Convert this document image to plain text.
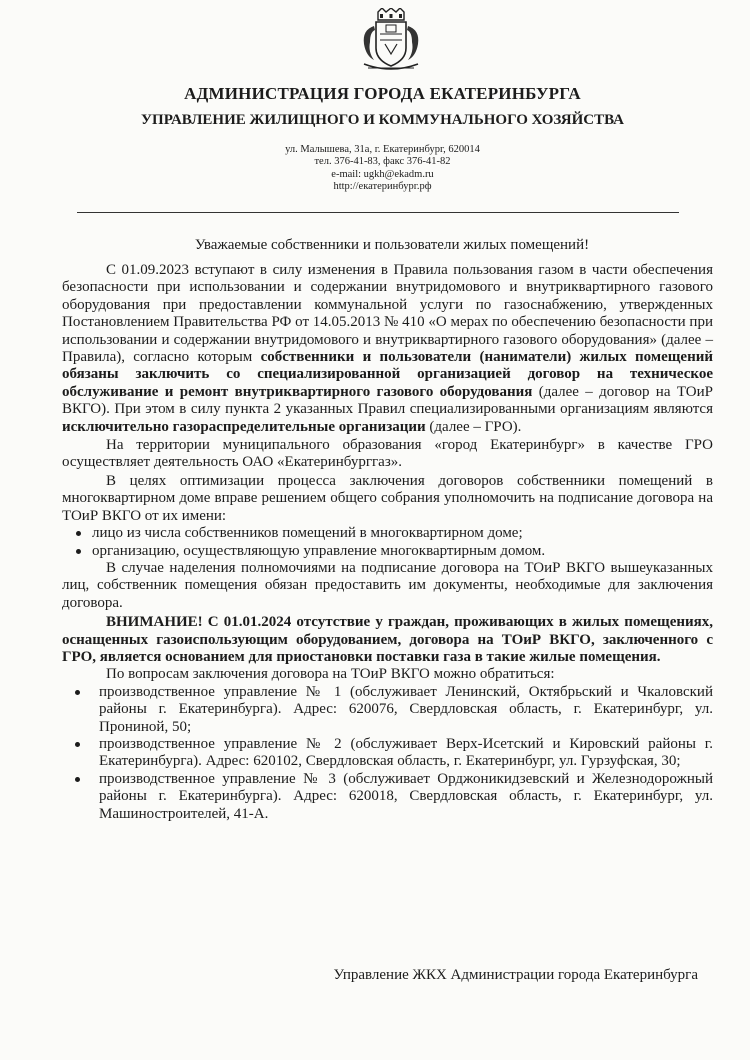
АДМИНИСТРАЦИЯ ГОРОДА ЕКАТЕРИНБУРГА
УПРАВЛЕНИЕ ЖИЛИЩНОГО И КОММУНАЛЬНОГО ХОЗЯЙСТВА
ул. Малышева, 31а, г. Екатеринбург, 620014
тел. 376-41-83, факс 376-41-82
e-mail: ugkh@ekadm.ru
http://екатеринбург.рф
Уважаемые собственники и пользователи жилых помещений!

С 01.09.2023 вступают в силу изменения в Правила пользования газом в части обеспечения безопасности при использовании и содержании внутридомового и внутриквартирного газового оборудования при предоставлении коммунальной услуги по газоснабжению, утвержденных Постановлением Правительства РФ от 14.05.2013 № 410 «О мерах по обеспечению безопасности при использовании и содержании внутридомового и внутриквартирного газового оборудования» (далее – Правила), согласно которым собственники и пользователи (наниматели) жилых помещений обязаны заключить со специализированной организацией договор на техническое обслуживание и ремонт внутриквартирного газового оборудования (далее – договор на ТОиР ВКГО). При этом в силу пункта 2 указанных Правил специализированными организациям являются исключительно газораспределительные организации (далее – ГРО).

На территории муниципального образования «город Екатеринбург» в качестве ГРО осуществляет деятельность ОАО «Екатеринбурггаз».

В целях оптимизации процесса заключения договоров собственники помещений в многоквартирном доме вправе решением общего собрания уполномочить на подписание договора на ТОиР ВКГО от их имени:

лицо из числа собственников помещений в многоквартирном доме;
организацию, осуществляющую управление многоквартирным домом.

В случае наделения полномочиями на подписание договора на ТОиР ВКГО вышеуказанных лиц, собственник помещения обязан предоставить им документы, необходимые для заключения договора.

ВНИМАНИЕ! С 01.01.2024 отсутствие у граждан, проживающих в жилых помещениях, оснащенных газоиспользующим оборудованием, договора на ТОиР ВКГО, заключенного с ГРО, является основанием для приостановки поставки газа в такие жилые помещения.

По вопросам заключения договора на ТОиР ВКГО можно обратиться:

производственное управление № 1 (обслуживает Ленинский, Октябрьский и Чкаловский районы г. Екатеринбурга). Адрес: 620076, Свердловская область, г. Екатеринбург, ул. Прониной, 50;
производственное управление № 2 (обслуживает Верх-Исетский и Кировский районы г. Екатеринбурга). Адрес: 620102, Свердловская область, г. Екатеринбург, ул. Гурзуфская, 30;
производственное управление № 3 (обслуживает Орджоникидзевский и Железнодорожный районы г. Екатеринбурга). Адрес: 620018, Свердловская область, г. Екатеринбург, ул. Машиностроителей, 41-А.
Управление ЖКХ Администрации города Екатеринбурга
